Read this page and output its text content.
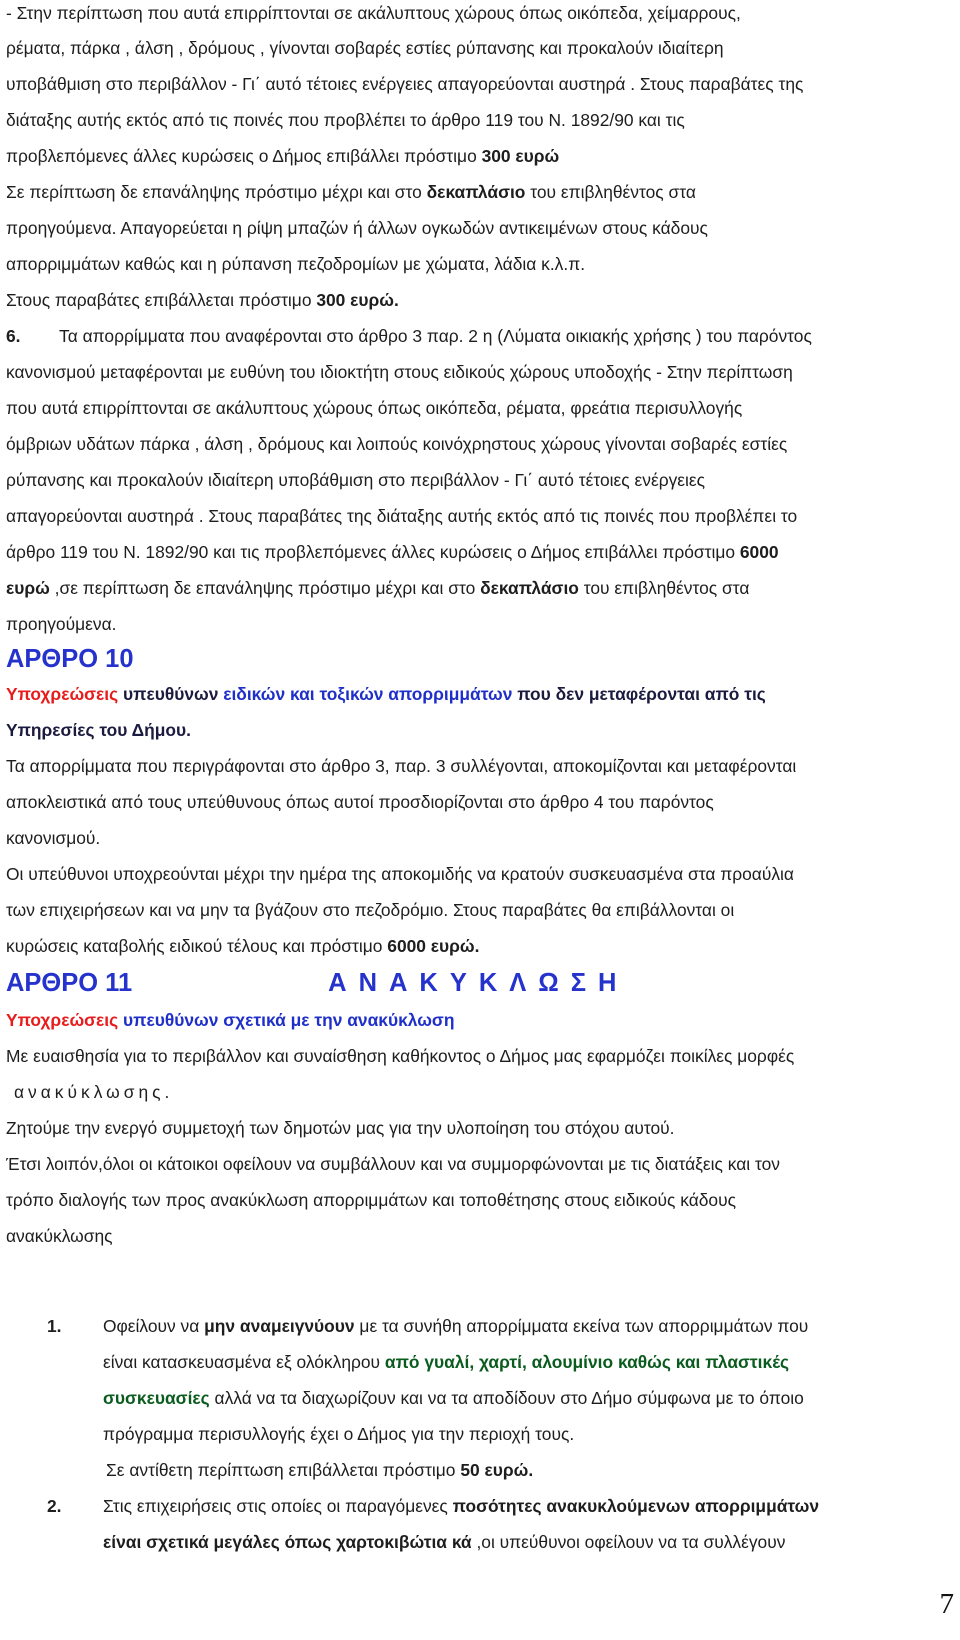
- Στην περίπτωση που αυτά επιρρίπτονται σε ακάλυπτους χώρους όπως οικόπεδα, χείμαρρους,
ρέματα, πάρκα , άλση , δρόμους , γίνονται σοβαρές εστίες ρύπανσης και προκαλούν ιδιαίτερη
υποβάθμιση στο περιβάλλον - Γι΄ αυτό τέτοιες ενέργειες απαγορεύονται αυστηρά . Στους παραβάτες της
διάταξης αυτής εκτός από τις ποινές που προβλέπει το άρθρο 119 του Ν. 1892/90 και τις
προβλεπόμενες άλλες κυρώσεις ο Δήμος επιβάλλει πρόστιμο 300 ευρώ
Σε περίπτωση δε επανάληψης πρόστιμο μέχρι και στο δεκαπλάσιο του επιβληθέντος στα
προηγούμενα. Απαγορεύεται η ρίψη μπαζών ή άλλων ογκωδών αντικειμένων στους κάδους
απορριμμάτων καθώς και η ρύπανση πεζοδρομίων με χώματα, λάδια κ.λ.π.
Στους παραβάτες επιβάλλεται πρόστιμο 300 ευρώ.
6. Τα απορρίμματα που αναφέρονται στο άρθρο 3 παρ. 2 η (Λύματα οικιακής χρήσης ) του παρόντος
κανονισμού μεταφέρονται με ευθύνη του ιδιοκτήτη στους ειδικούς χώρους υποδοχής - Στην περίπτωση
που αυτά επιρρίπτονται σε ακάλυπτους χώρους όπως οικόπεδα, ρέματα, φρεάτια περισυλλογής
όμβριων υδάτων πάρκα , άλση , δρόμους και λοιπούς κοινόχρηστους χώρους γίνονται σοβαρές εστίες
ρύπανσης και προκαλούν ιδιαίτερη υποβάθμιση στο περιβάλλον - Γι΄ αυτό τέτοιες ενέργειες
απαγορεύονται αυστηρά . Στους παραβάτες της διάταξης αυτής εκτός από τις ποινές που προβλέπει το
άρθρο 119 του Ν. 1892/90 και τις προβλεπόμενες άλλες κυρώσεις ο Δήμος επιβάλλει πρόστιμο 6000
ευρώ ,σε περίπτωση δε επανάληψης πρόστιμο μέχρι και στο δεκαπλάσιο του επιβληθέντος στα
προηγούμενα.
ΑΡΘΡΟ 10
Υποχρεώσεις υπευθύνων ειδικών και τοξικών απορριμμάτων που δεν μεταφέρονται από τις
Υπηρεσίες του Δήμου.
Τα απορρίμματα που περιγράφονται στο άρθρο 3, παρ. 3 συλλέγονται, αποκομίζονται και μεταφέρονται
αποκλειστικά από τους υπεύθυνους όπως αυτοί προσδιορίζονται στο άρθρο 4 του παρόντος
κανονισμού.
Οι υπεύθυνοι υποχρεούνται μέχρι την ημέρα της αποκομιδής να κρατούν συσκευασμένα στα προαύλια
των επιχειρήσεων και να μην τα βγάζουν στο πεζοδρόμιο. Στους παραβάτες θα επιβάλλονται οι
κυρώσεις καταβολής ειδικού τέλους και πρόστιμο 6000 ευρώ.
ΑΡΘΡΟ 11	ΑΝΑΚΥΚΛΩΣΗ
Υποχρεώσεις υπευθύνων σχετικά με την ανακύκλωση
Με ευαισθησία για το περιβάλλον και συναίσθηση καθήκοντος ο Δήμος μας εφαρμόζει ποικίλες μορφές
ανακύκλωσης.
Ζητούμε την ενεργό συμμετοχή των δημοτών μας για την υλοποίηση του στόχου αυτού.
Έτσι λοιπόν,όλοι οι κάτοικοι οφείλουν να συμβάλλουν και να συμμορφώνονται με τις διατάξεις και τον
τρόπο διαλογής των προς ανακύκλωση απορριμμάτων και τοποθέτησης στους ειδικούς κάδους
ανακύκλωσης
1. Οφείλουν να μην αναμειγνύουν με τα συνήθη απορρίμματα εκείνα των απορριμμάτων που
είναι κατασκευασμένα εξ ολόκληρου από γυαλί, χαρτί, αλουμίνιο καθώς και πλαστικές
συσκευασίες αλλά να τα διαχωρίζουν και να τα αποδίδουν στο Δήμο σύμφωνα με το όποιο
πρόγραμμα περισυλλογής έχει ο Δήμος για την περιοχή τους.
Σε αντίθετη περίπτωση επιβάλλεται πρόστιμο 50 ευρώ.
2. Στις επιχειρήσεις στις οποίες οι παραγόμενες ποσότητες ανακυκλούμενων απορριμμάτων
είναι σχετικά μεγάλες όπως χαρτοκιβώτια κά ,οι υπεύθυνοι οφείλουν να τα συλλέγουν
7
